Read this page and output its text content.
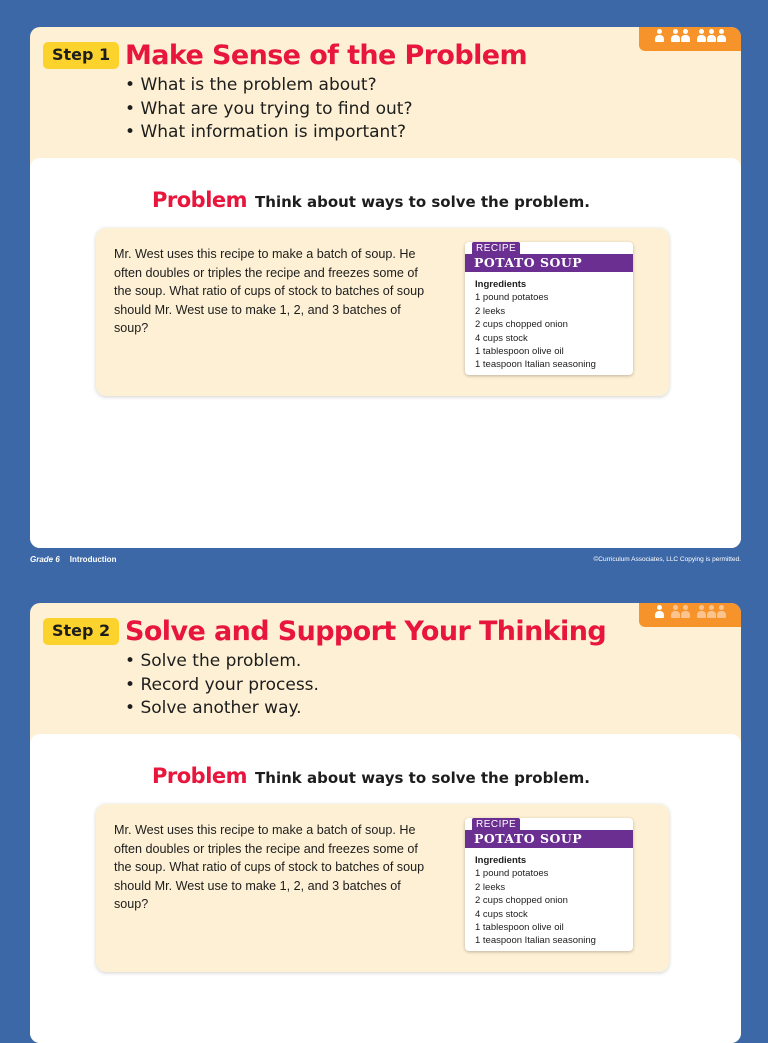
Step 1 Make Sense of the Problem
• What is the problem about?
• What are you trying to find out?
• What information is important?
Problem Think about ways to solve the problem.

Mr. West uses this recipe to make a batch of soup. He often doubles or triples the recipe and freezes some of the soup. What ratio of cups of stock to batches of soup should Mr. West use to make 1, 2, and 3 batches of soup?

RECIPE
POTATO SOUP
Ingredients
1 pound potatoes
2 leeks
2 cups chopped onion
4 cups stock
1 tablespoon olive oil
1 teaspoon Italian seasoning
Grade 6 Introduction	©Curriculum Associates, LLC Copying is permitted.
Step 2 Solve and Support Your Thinking
• Solve the problem.
• Record your process.
• Solve another way.
Problem Think about ways to solve the problem.

Mr. West uses this recipe to make a batch of soup. He often doubles or triples the recipe and freezes some of the soup. What ratio of cups of stock to batches of soup should Mr. West use to make 1, 2, and 3 batches of soup?

RECIPE
POTATO SOUP
Ingredients
1 pound potatoes
2 leeks
2 cups chopped onion
4 cups stock
1 tablespoon olive oil
1 teaspoon Italian seasoning
